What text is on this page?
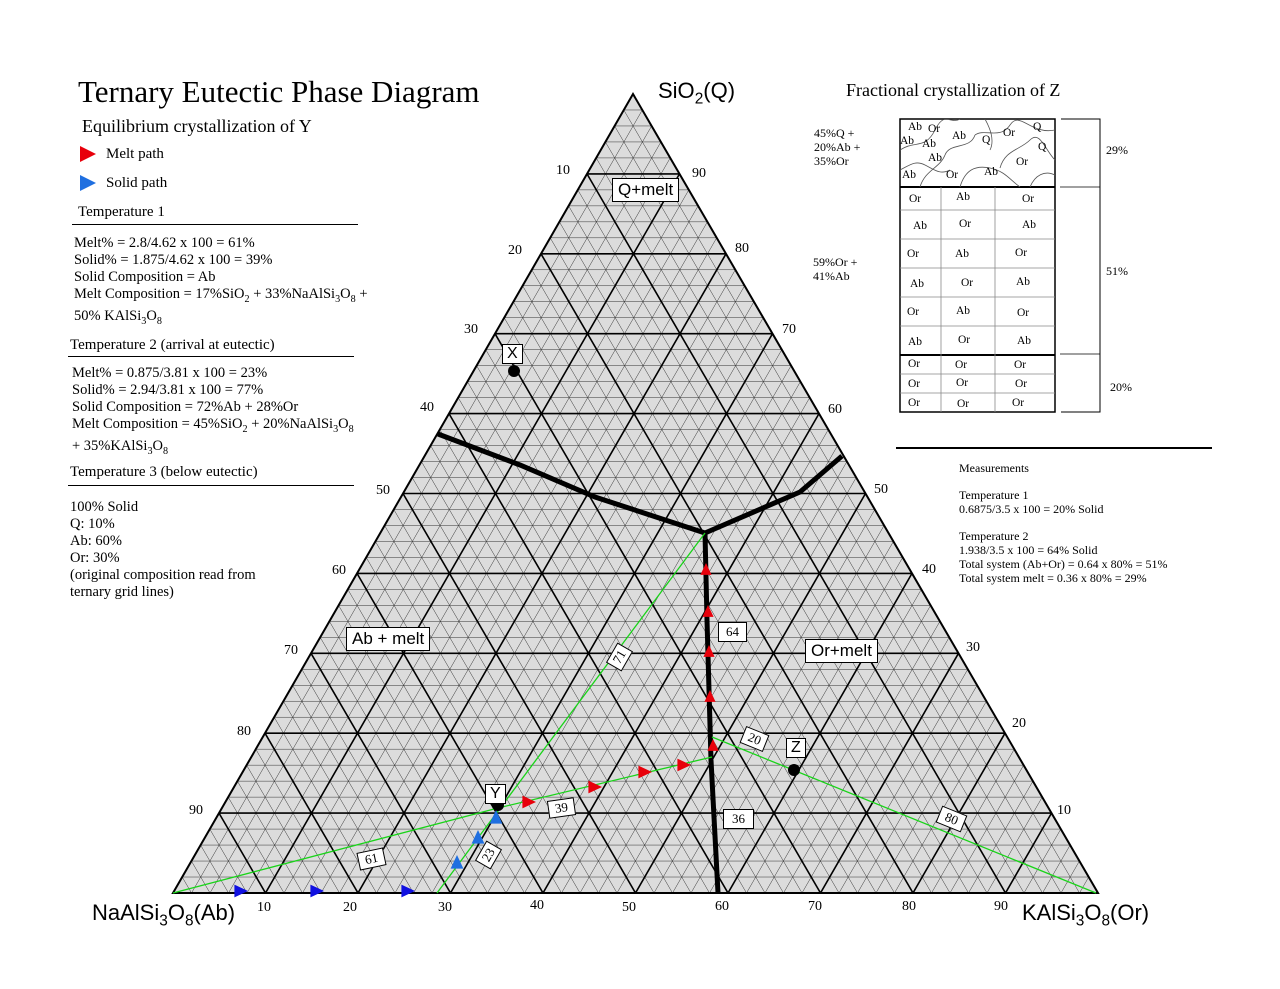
Ternary Eutectic Phase Diagram
Equilibrium crystallization of Y
Melt path
Solid path
Temperature 1
Melt% = 2.8/4.62 x 100 = 61%
Solid% = 1.875/4.62 x 100 = 39%
Solid Composition = Ab
Melt Composition = $17\%SiO_2 + 33\%NaAlSi_3O_8$ +
50% $KAlSi_3O_8$
Temperature 2 (arrival at eutectic)
Melt% = 0.875/3.81 x 100 = 23%
Solid% = 2.94/3.81 x 100 = 77%
Solid Composition = 72%Ab + 28%Or
Melt Composition = $45\%SiO_2 + 20\%NaAlSi_3O_8$
+ $35\%KAlSi_3O_8$
Temperature 3 (below eutectic)
100% Solid
Q: 10%
Ab: 60%
Or: 30%
(original composition read from
ternary grid lines)
SiO$_2$(Q)
$NaAlSi_3O_8(Ab)$	$KAlSi_3O_8(Or)$
Q+melt
Ab + melt
Or+melt
X
Y
Z
71
64
20
39
36	80
61	23
10
20
30
40
50
60
70
80
90
90
80
70
60
50
40
30
20
10
10	20	30	40	50	60	70	80	90
Fractional crystallization of Z
45%Q +
20%Ab +
35%Or
59%Or +
41%Ab
29%
51%
20%
Ab Or
Ab	Or Q
Ab Ab	Q
Q
Ab	Or
Ab	Or Ab
Or	Ab	Or
Ab	Or	Ab
Or	Ab	Or
Ab	Or	Ab
Or	Ab	Or
Ab	Or	Ab
Or	Or	Or
Or	Or	Or
Or	Or	Or
Measurements
Temperature 1
0.6875/3.5 x 100 = 20% Solid
Temperature 2
1.938/3.5 x 100 = 64% Solid
Total system (Ab+Or) = 0.64 x 80% = 51%
Total system melt = 0.36 x 80% = 29%
